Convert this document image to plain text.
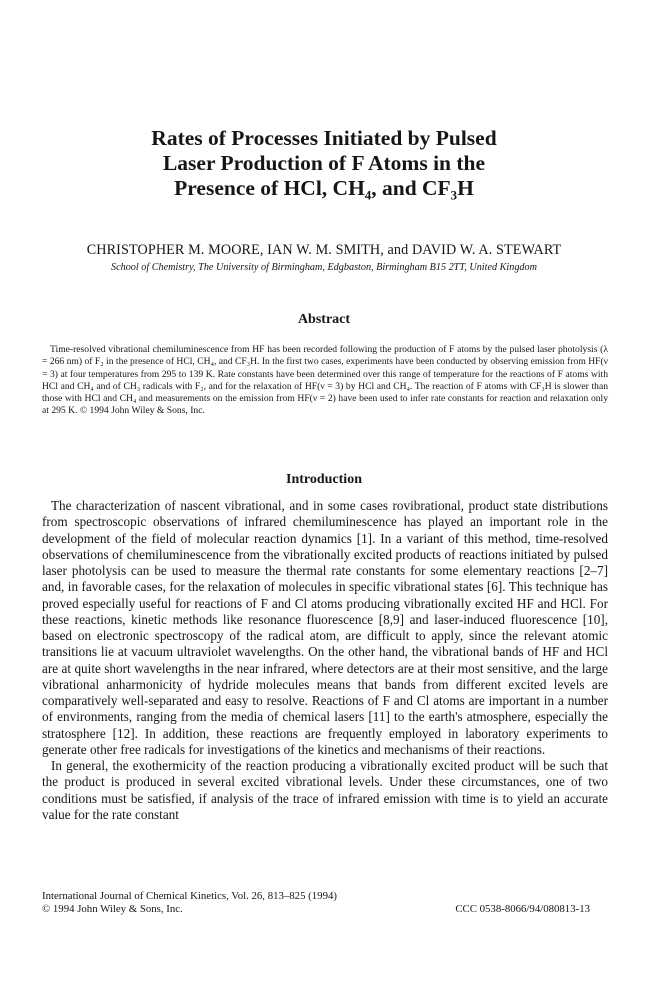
Rates of Processes Initiated by Pulsed
Laser Production of F Atoms in the
Presence of HCl, CH₄, and CF₃H
CHRISTOPHER M. MOORE, IAN W. M. SMITH, and DAVID W. A. STEWART
School of Chemistry, The University of Birmingham, Edgbaston, Birmingham B15 2TT, United Kingdom
Abstract
Time-resolved vibrational chemiluminescence from HF has been recorded following the production of F atoms by the pulsed laser photolysis (λ = 266 nm) of F₂ in the presence of HCl, CH₄, and CF₃H. In the first two cases, experiments have been conducted by observing emission from HF(ν = 3) at four temperatures from 295 to 139 K. Rate constants have been determined over this range of temperature for the reactions of F atoms with HCl and CH₄ and of CH₃ radicals with F₂, and for the relaxation of HF(ν = 3) by HCl and CH₄. The reaction of F atoms with CF₃H is slower than those with HCl and CH₄ and measurements on the emission from HF(ν = 2) have been used to infer rate constants for reaction and relaxation only at 295 K. © 1994 John Wiley & Sons, Inc.
Introduction

The characterization of nascent vibrational, and in some cases rovibrational, product state distributions from spectroscopic observations of infrared chemiluminescence has played an important role in the development of the field of molecular reaction dynamics [1]. In a variant of this method, time-resolved observations of chemiluminescence from the vibrationally excited products of reactions initiated by pulsed laser photolysis can be used to measure the thermal rate constants for some elementary reactions [2–7] and, in favorable cases, for the relaxation of molecules in specific vibrational states [6]. This technique has proved especially useful for reactions of F and Cl atoms producing vibrationally excited HF and HCl. For these reactions, kinetic methods like resonance fluorescence [8,9] and laser-induced fluorescence [10], based on electronic spectroscopy of the radical atom, are difficult to apply, since the relevant atomic transitions lie at vacuum ultraviolet wavelengths. On the other hand, the vibrational bands of HF and HCl are at quite short wavelengths in the near infrared, where detectors are at their most sensitive, and the large vibrational anharmonicity of hydride molecules means that bands from different excited levels are comparatively well-separated and easy to resolve. Reactions of F and Cl atoms are important in a number of environments, ranging from the media of chemical lasers [11] to the earth's atmosphere, especially the stratosphere [12]. In addition, these reactions are frequently employed in laboratory experiments to generate other free radicals for investigations of the kinetics and mechanisms of their reactions.

In general, the exothermicity of the reaction producing a vibrationally excited product will be such that the product is produced in several excited vibrational levels. Under these circumstances, one of two conditions must be satisfied, if analysis of the trace of infrared emission with time is to yield an accurate value for the rate constant

International Journal of Chemical Kinetics, Vol. 26, 813–825 (1994)
© 1994 John Wiley & Sons, Inc.	CCC 0538-8066/94/080813-13
